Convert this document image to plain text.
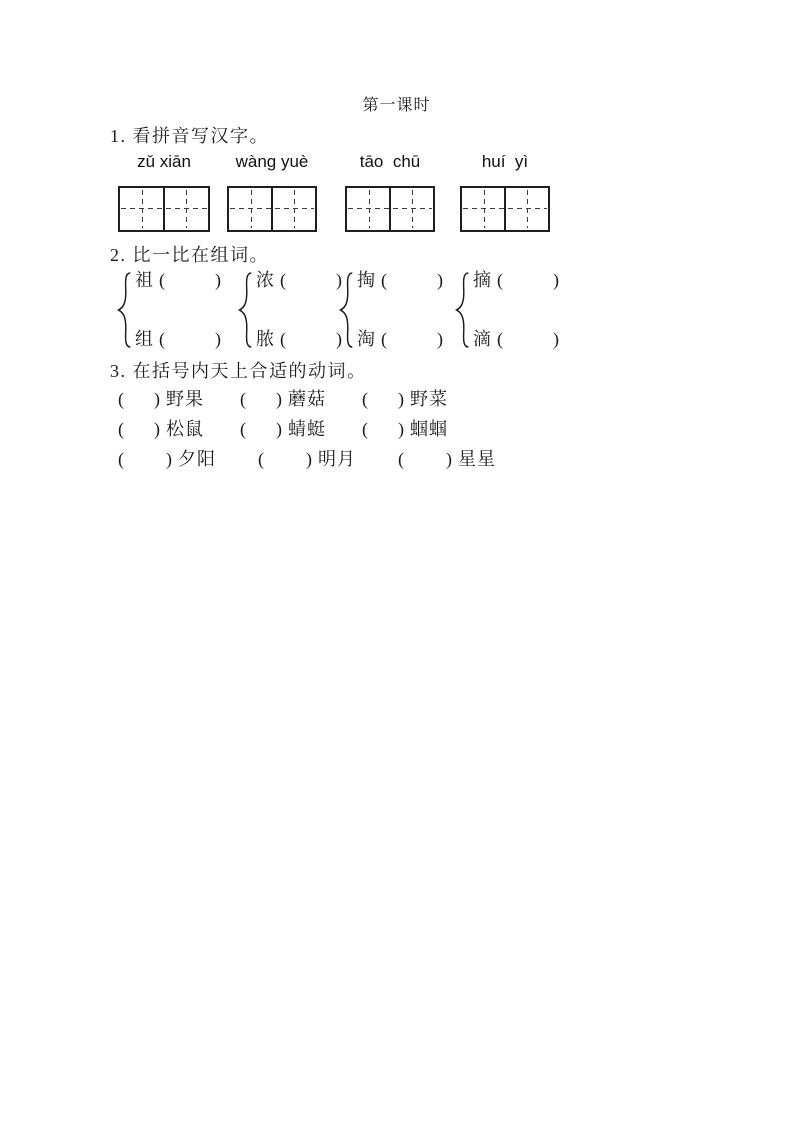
第一课时
1. 看拼音写汉字。
zǔ xiān	wàng yuè	tāo  chū	huí  yì
2. 比一比在组词。
祖 (	)
组 (	)
浓 (	)
脓 (	)
掏 (	)
淘 (	)
摘 (	)
滴 (	)
3. 在括号内天上合适的动词。
( ) 野果 ( ) 蘑菇 ( ) 野菜
( ) 松鼠 ( ) 蜻蜓 ( ) 蝈蝈
( ) 夕阳 ( ) 明月 ( ) 星星
